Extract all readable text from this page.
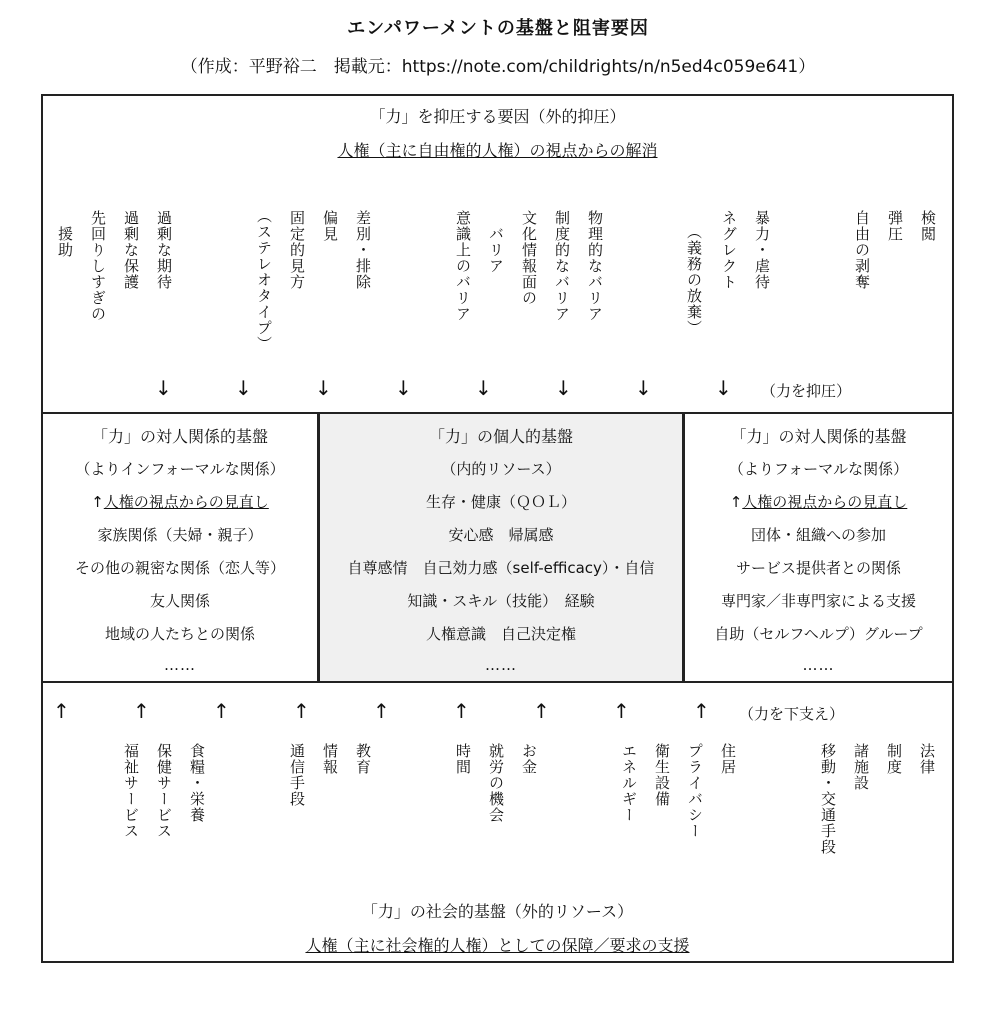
エンパワーメントの基盤と阻害要因
（作成：平野裕二　掲載元：https://note.com/childrights/n/n5ed4c059e641）
「力」を抑圧する要因（外的抑圧）
人権（主に自由権的人権）の視点からの解消
援助 先回りしすぎの 過剰な保護 過剰な期待	（ステレオタイプ） 固定的見方 偏見 差別・排除	意識上のバリア バリア 文化情報面の 制度的なバリア 物理的なバリア	（義務の放棄） ネグレクト 暴力・虐待	自由の剥奪 弾圧 検閲
↓	↓	↓	↓	↓	↓	↓	↓ （力を抑圧）
「力」の対人関係的基盤
（よりインフォーマルな関係）
↑人権の視点からの見直し
家族関係（夫婦・親子）
その他の親密な関係（恋人等）
友人関係
地域の人たちとの関係
……
「力」の個人的基盤
（内的リソース）
生存・健康（ＱＯＬ）
安心感　帰属感
自尊感情　自己効力感（self-efficacy）・自信
知識・スキル（技能）　経験
人権意識　自己決定権
……
「力」の対人関係的基盤
（よりフォーマルな関係）
↑人権の視点からの見直し
団体・組織への参加
サービス提供者との関係
専門家／非専門家による支援
自助（セルフヘルプ）グループ
……
↑	↑	↑	↑	↑	↑	↑	↑	↑ （力を下支え）
福祉サービス 保健サービス 食糧・栄養	通信手段 情報 教育	時間 就労の機会 お金	エネルギー 衛生設備 プライバシー 住居	移動・交通手段 諸施設 制度 法律
「力」の社会的基盤（外的リソース）
人権（主に社会権的人権）としての保障／要求の支援
